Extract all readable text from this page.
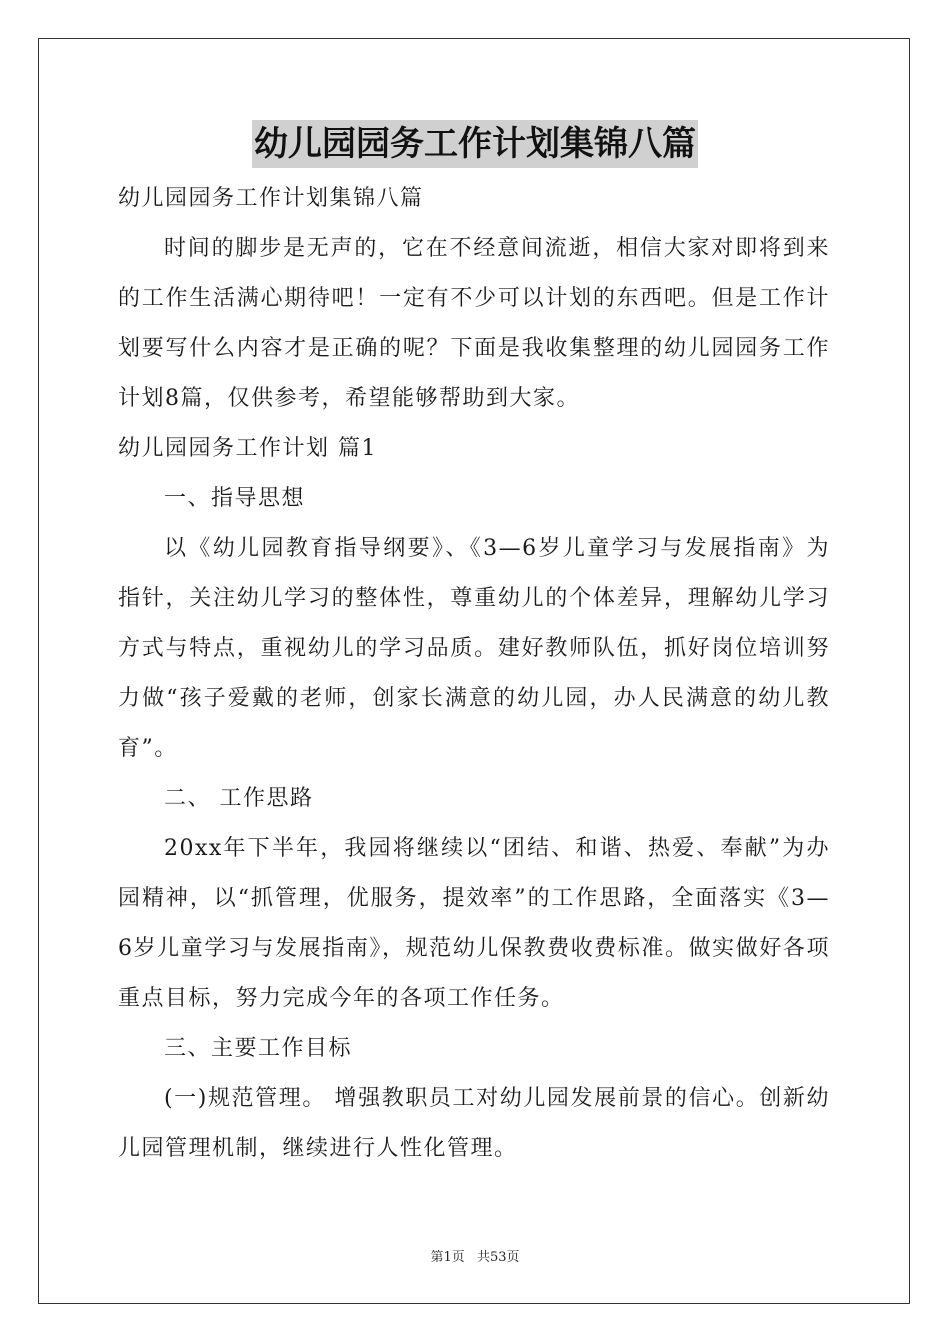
幼儿园园务工作计划集锦八篇

幼儿园园务工作计划集锦八篇

时间的脚步是无声的，它在不经意间流逝，相信大家对即将到来的工作生活满心期待吧！一定有不少可以计划的东西吧。但是工作计划要写什么内容才是正确的呢？下面是我收集整理的幼儿园园务工作计划8篇，仅供参考，希望能够帮助到大家。

幼儿园园务工作计划 篇1

一、指导思想

以《幼儿园教育指导纲要》、《3—6岁儿童学习与发展指南》为指针，关注幼儿学习的整体性，尊重幼儿的个体差异，理解幼儿学习方式与特点，重视幼儿的学习品质。建好教师队伍，抓好岗位培训努力做“孩子爱戴的老师，创家长满意的幼儿园，办人民满意的幼儿教育”。

二、 工作思路

20xx年下半年，我园将继续以“团结、和谐、热爱、奉献”为办园精神，以“抓管理，优服务，提效率”的工作思路，全面落实《3—6岁儿童学习与发展指南》，规范幼儿保教费收费标准。做实做好各项重点目标，努力完成今年的各项工作任务。

三、主要工作目标

(一)规范管理。 增强教职员工对幼儿园发展前景的信心。创新幼儿园管理机制，继续进行人性化管理。

第1页 共53页
